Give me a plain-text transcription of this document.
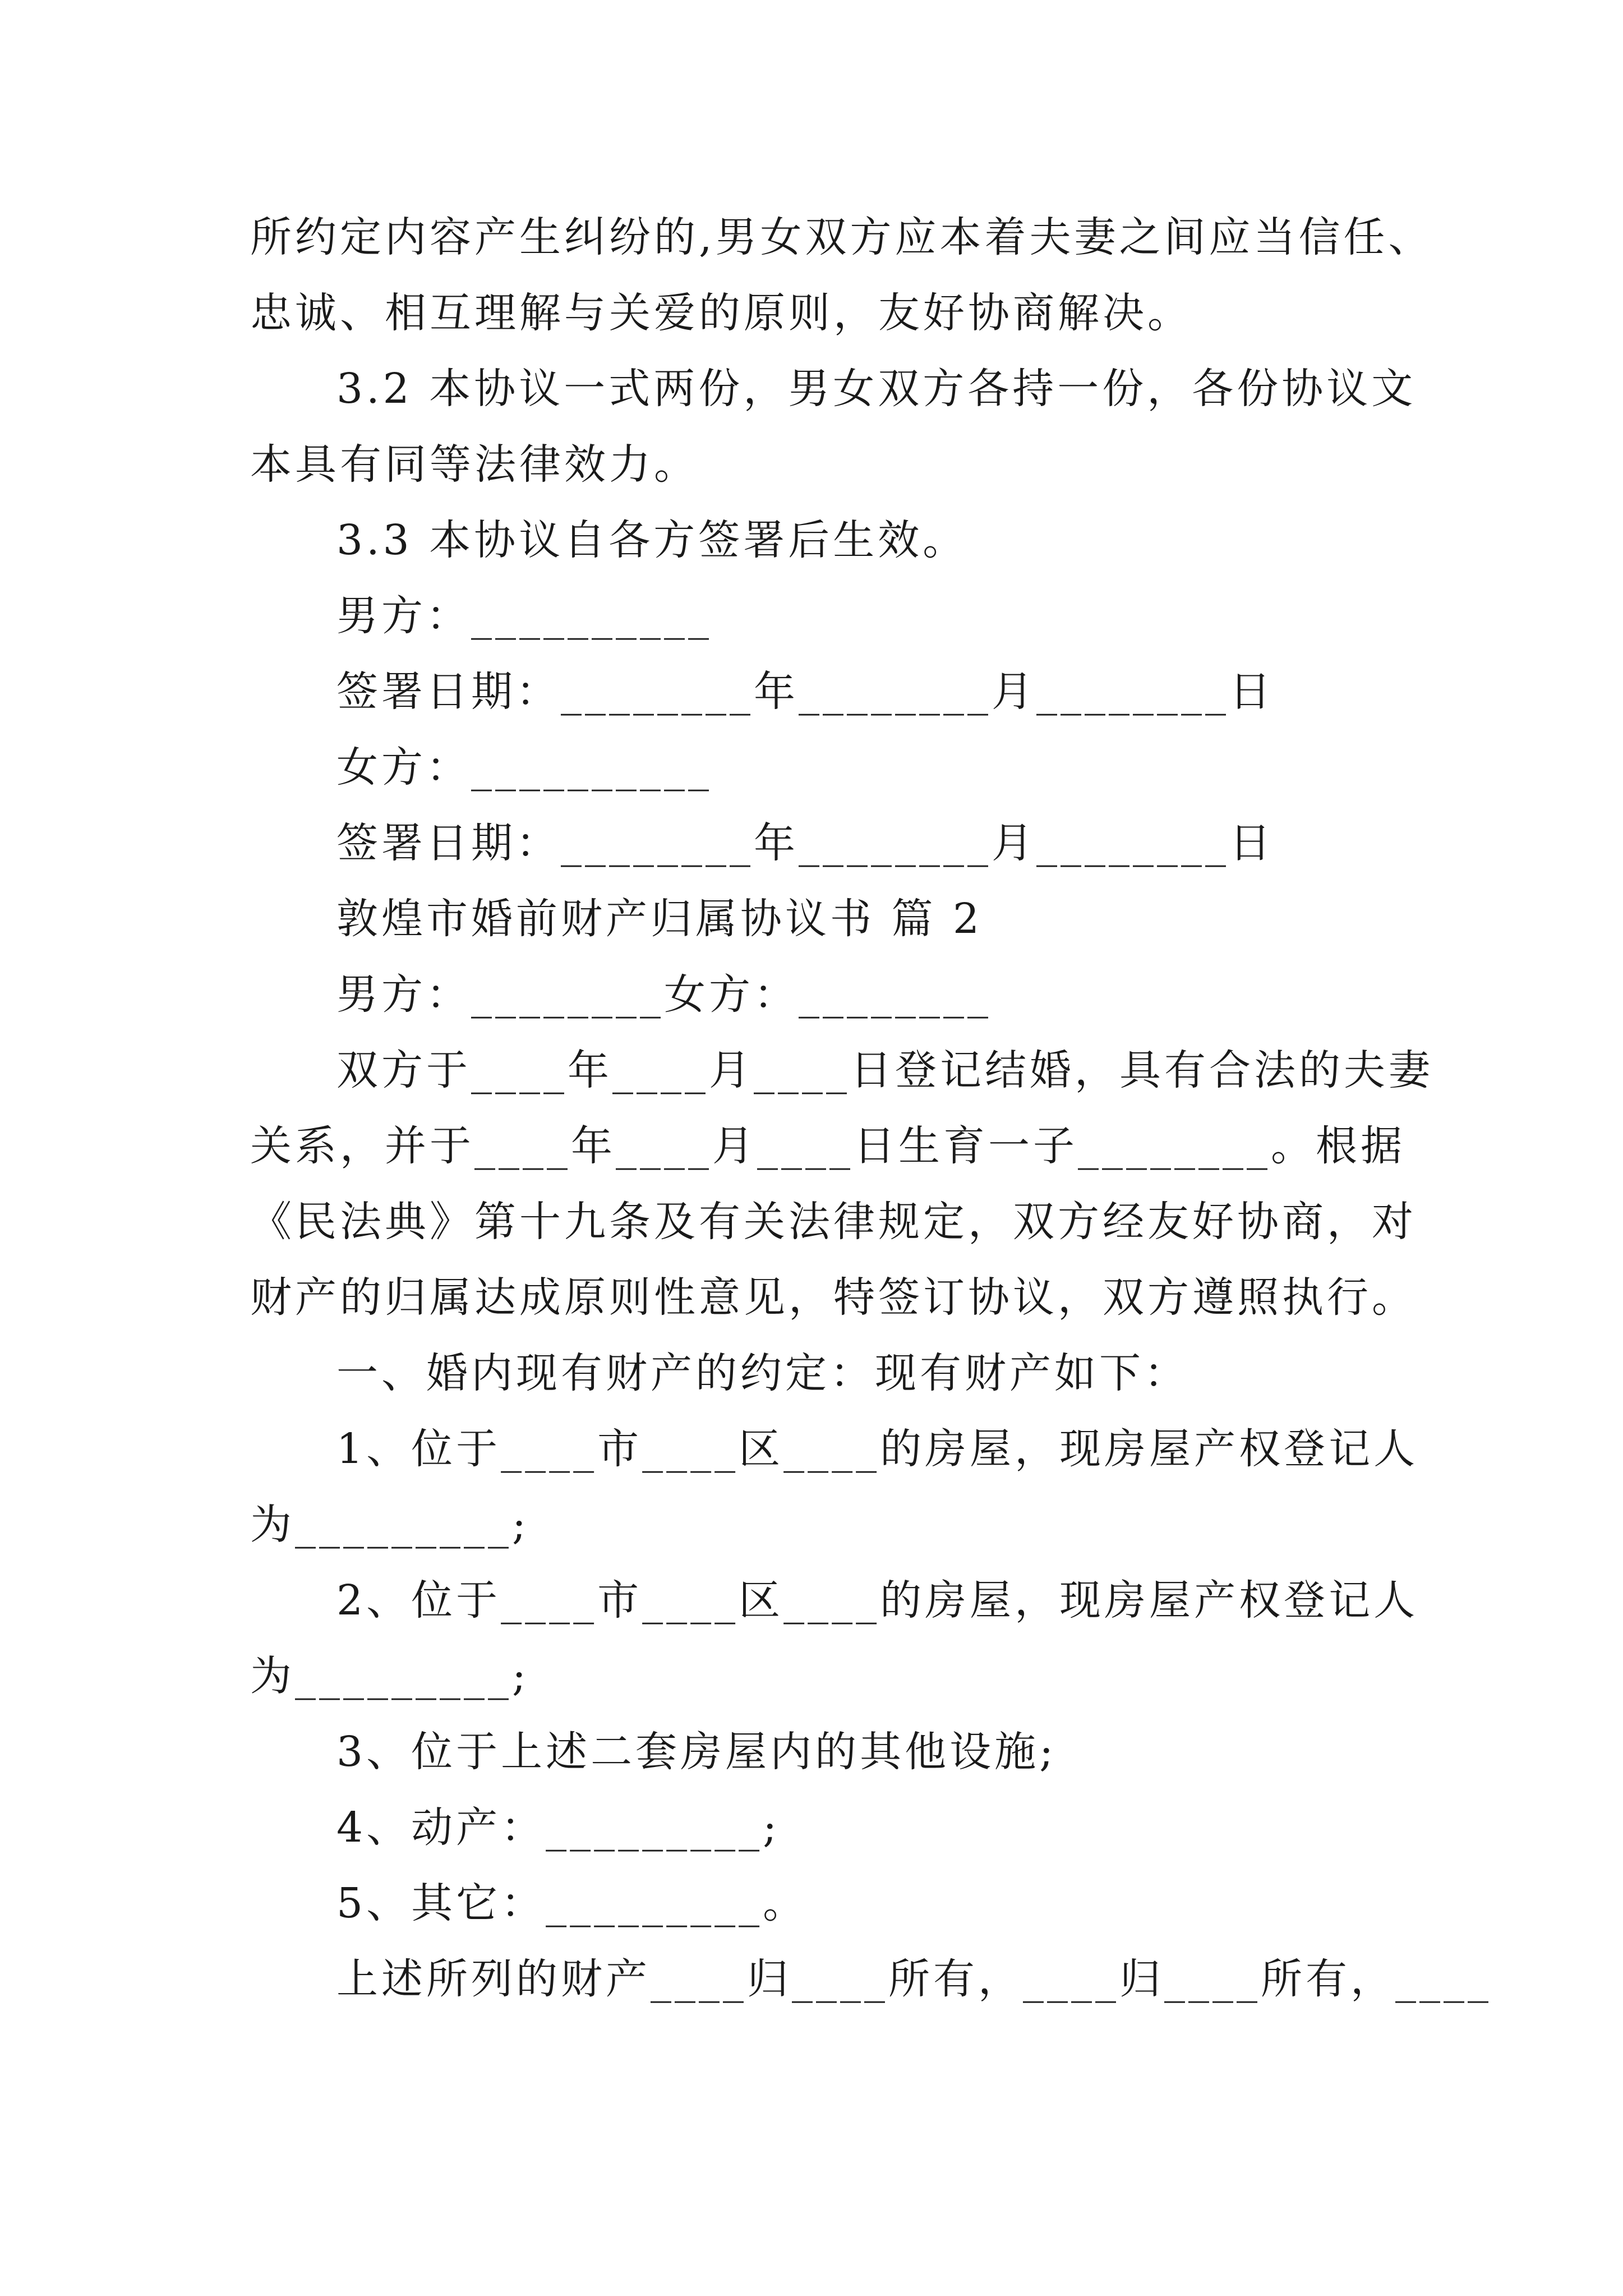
所约定内容产生纠纷的,男女双方应本着夫妻之间应当信任、
忠诚、相互理解与关爱的原则，友好协商解决。
3.2 本协议一式两份，男女双方各持一份，各份协议文
本具有同等法律效力。
3.3 本协议自各方签署后生效。
男方：__________
签署日期：________年________月________日
女方：__________
签署日期：________年________月________日
敦煌市婚前财产归属协议书 篇 2
男方：________女方：________
双方于____年____月____日登记结婚，具有合法的夫妻
关系，并于____年____月____日生育一子________。根据
《民法典》第十九条及有关法律规定，双方经友好协商，对
财产的归属达成原则性意见，特签订协议，双方遵照执行。
一、婚内现有财产的约定：现有财产如下：
1、位于____市____区____的房屋，现房屋产权登记人
为_________;
2、位于____市____区____的房屋，现房屋产权登记人
为_________;
3、位于上述二套房屋内的其他设施;
4、动产：_________;
5、其它：_________。
上述所列的财产____归____所有，____归____所有，____
